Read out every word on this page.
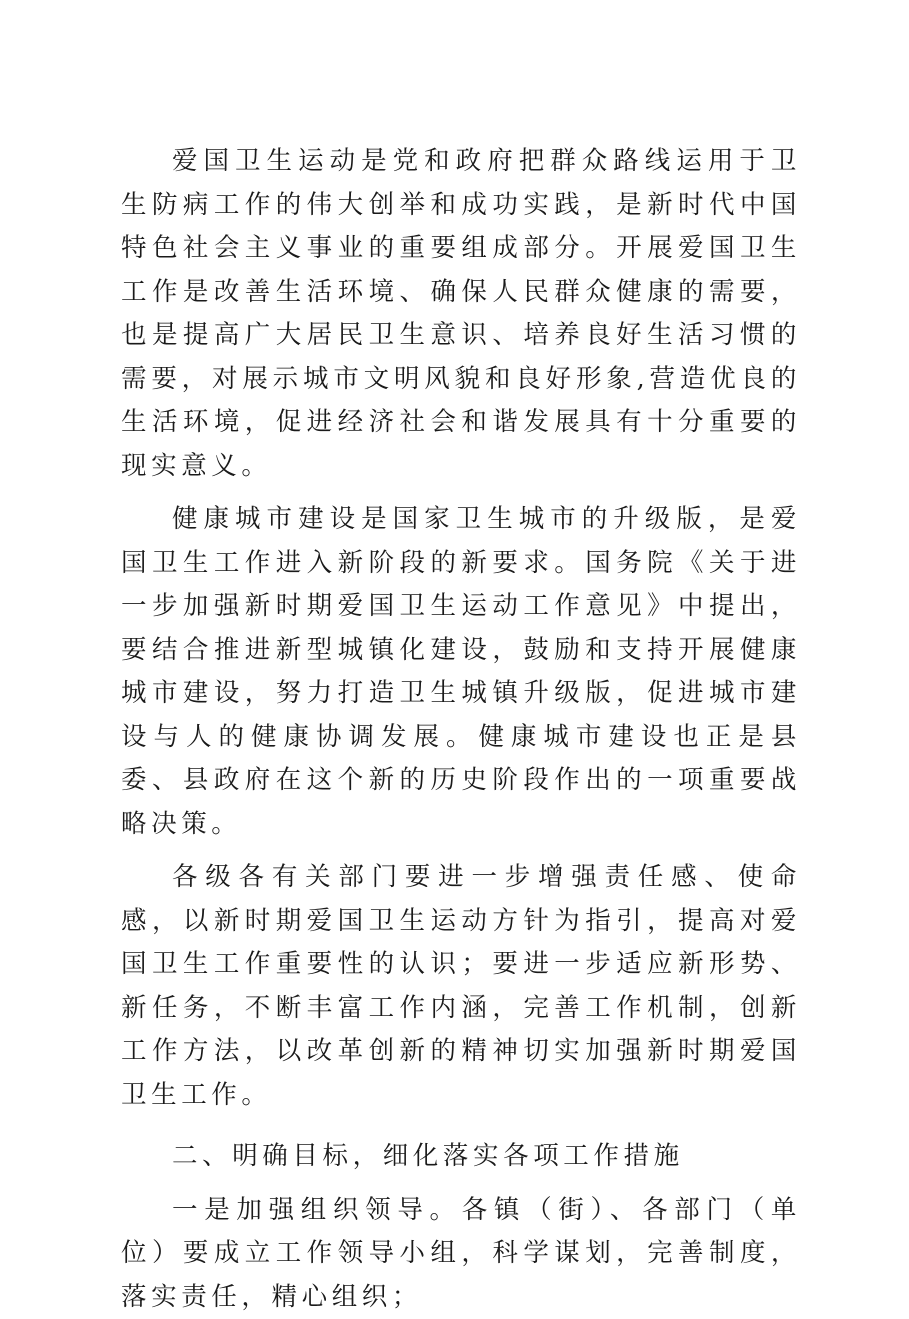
爱国卫生运动是党和政府把群众路线运用于卫生防病工作的伟大创举和成功实践，是新时代中国特色社会主义事业的重要组成部分。开展爱国卫生工作是改善生活环境、确保人民群众健康的需要，也是提高广大居民卫生意识、培养良好生活习惯的需要，对展示城市文明风貌和良好形象,营造优良的生活环境，促进经济社会和谐发展具有十分重要的现实意义。

健康城市建设是国家卫生城市的升级版，是爱国卫生工作进入新阶段的新要求。国务院《关于进一步加强新时期爱国卫生运动工作意见》中提出，要结合推进新型城镇化建设，鼓励和支持开展健康城市建设，努力打造卫生城镇升级版，促进城市建设与人的健康协调发展。健康城市建设也正是县委、县政府在这个新的历史阶段作出的一项重要战略决策。

各级各有关部门要进一步增强责任感、使命感，以新时期爱国卫生运动方针为指引，提高对爱国卫生工作重要性的认识；要进一步适应新形势、新任务，不断丰富工作内涵，完善工作机制，创新工作方法，以改革创新的精神切实加强新时期爱国卫生工作。

二、明确目标，细化落实各项工作措施

一是加强组织领导。各镇（街）、各部门（单位）要成立工作领导小组，科学谋划，完善制度，落实责任，精心组织；
